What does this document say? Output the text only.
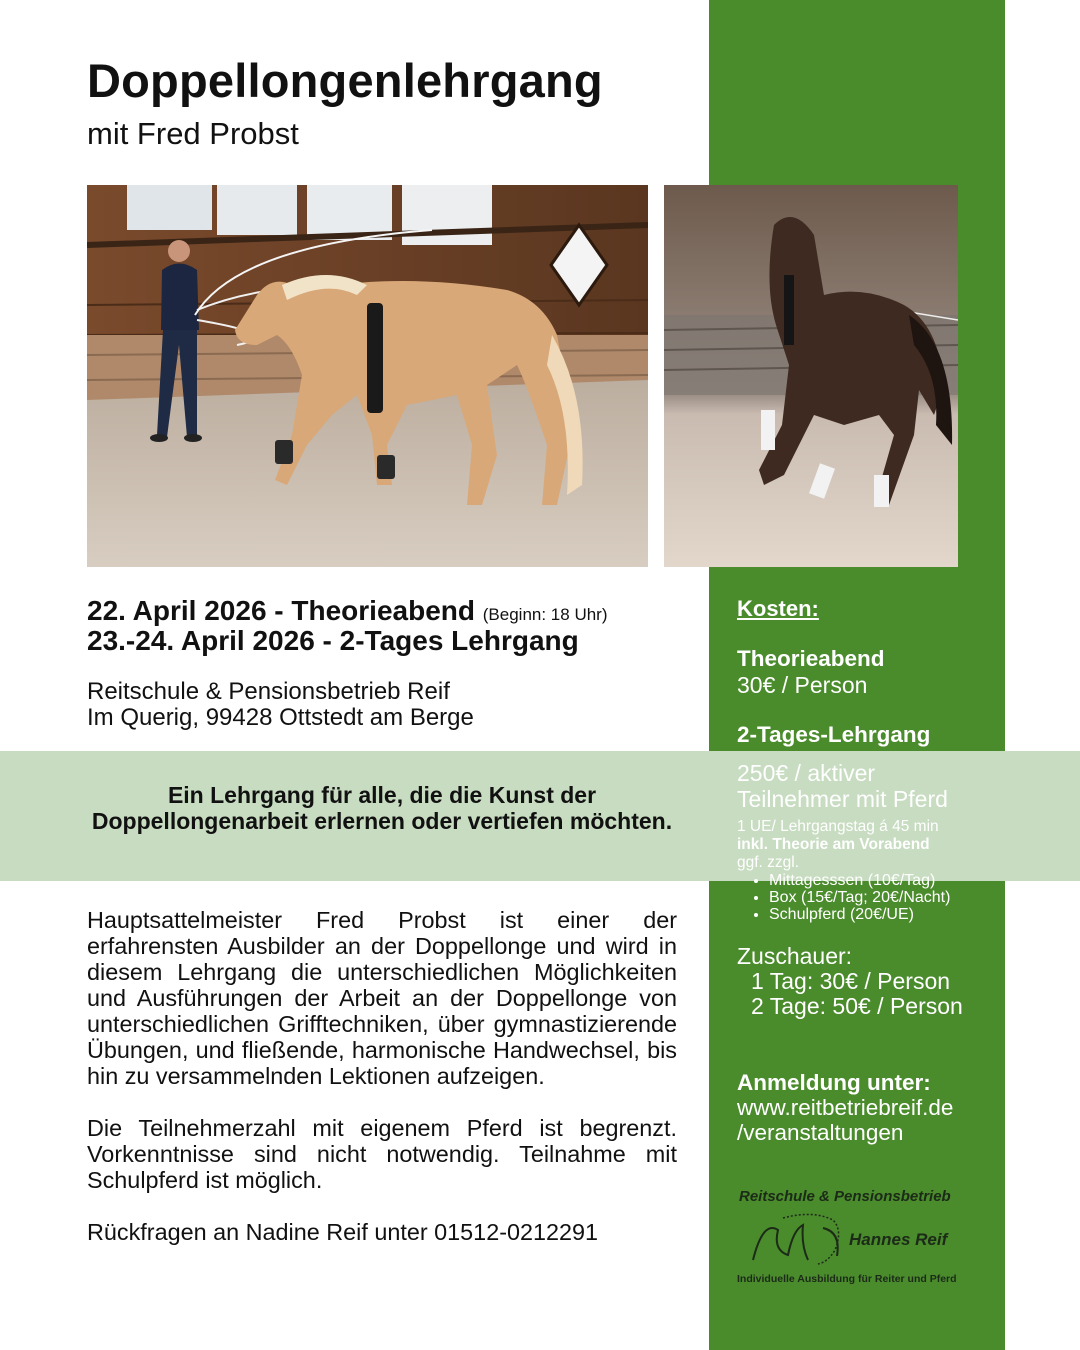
Doppellongenlehrgang
mit Fred Probst
22. April 2026 - Theorieabend (Beginn: 18 Uhr)
23.-24. April 2026 - 2-Tages Lehrgang
Reitschule & Pensionsbetrieb Reif
Im Querig, 99428 Ottstedt am Berge
Ein Lehrgang für alle, die die Kunst der Doppellongenarbeit erlernen oder vertiefen möchten.

Hauptsattelmeister Fred Probst ist einer der erfahrensten Ausbilder an der Doppellonge und wird in diesem Lehrgang die unterschiedlichen Möglichkeiten und Ausführungen der Arbeit an der Doppellonge von unterschiedlichen Grifftechniken, über gymnastizierende Übungen, und fließende, harmonische Handwechsel, bis hin zu versammelnden Lektionen aufzeigen.

Die Teilnehmerzahl mit eigenem Pferd ist begrenzt. Vorkenntnisse sind nicht notwendig. Teilnahme mit Schulpferd ist möglich.

Rückfragen an Nadine Reif unter 01512-0212291

Kosten:
Theorieabend
30€ / Person
2-Tages-Lehrgang
250€ / aktiver Teilnehmer mit Pferd
1 UE/ Lehrgangstag á 45 min
inkl. Theorie am Vorabend
ggf. zzgl.
• Mittagesssen (10€/Tag)
• Box (15€/Tag; 20€/Nacht)
• Schulpferd (20€/UE)
Zuschauer:
1 Tag: 30€ / Person
2 Tage: 50€ / Person
Anmeldung unter:
www.reitbetriebreif.de
/veranstaltungen
Reitschule & Pensionsbetrieb
Hannes Reif
Individuelle Ausbildung für Reiter und Pferd
